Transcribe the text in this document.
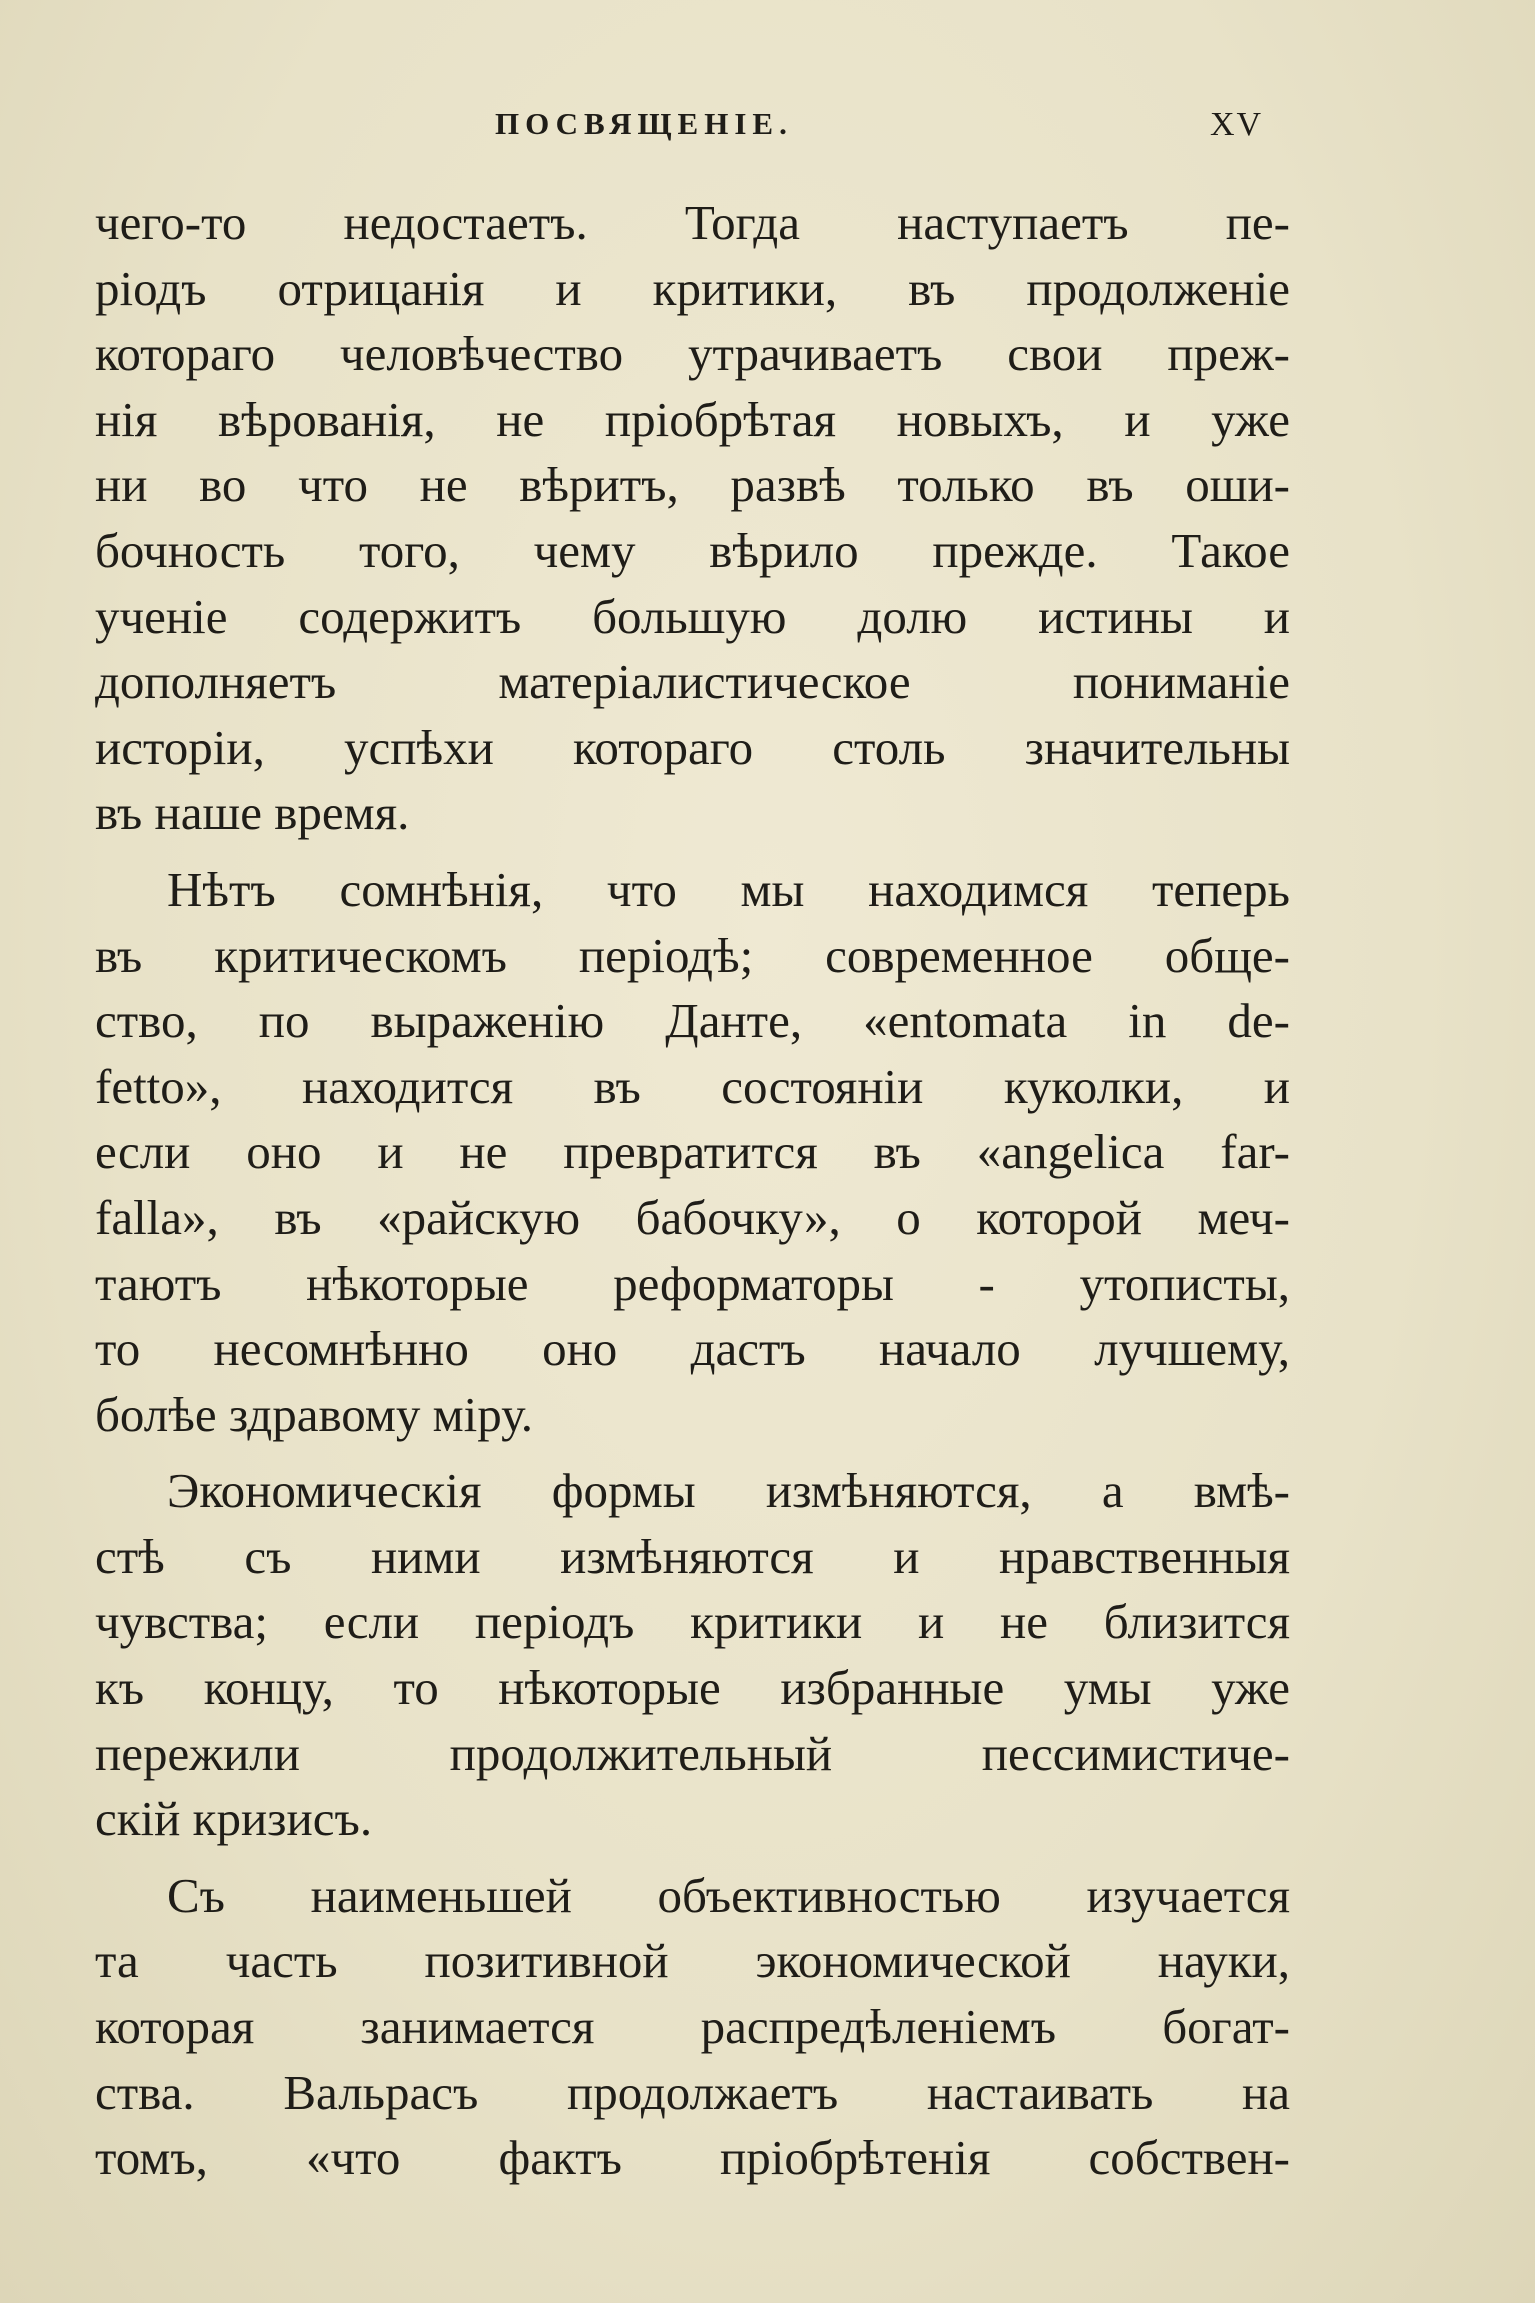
ПОСВЯЩЕНІЕ.	XV

чего-то недостаетъ. Тогда наступаетъ пе-
ріодъ отрицанія и критики, въ продолженіе
котораго человѣчество утрачиваетъ свои преж-
нія вѣрованія, не пріобрѣтая новыхъ, и уже
ни во что не вѣритъ, развѣ только въ оши-
бочность того, чему вѣрило прежде. Такое
ученіе содержитъ большую долю истины и
дополняетъ матеріалистическое пониманіе
исторіи, успѣхи котораго столь значительны
въ наше время.

Нѣтъ сомнѣнія, что мы находимся теперь
въ критическомъ періодѣ; современное обще-
ство, по выраженію Данте, «entomata in de-
fetto», находится въ состояніи куколки, и
если оно и не превратится въ «angelica far-
falla», въ «райскую бабочку», о которой меч-
таютъ нѣкоторые реформаторы - утописты,
то несомнѣнно оно дастъ начало лучшему,
болѣе здравому міру.

Экономическія формы измѣняются, а вмѣ-
стѣ съ ними измѣняются и нравственныя
чувства; если періодъ критики и не близится
къ концу, то нѣкоторые избранные умы уже
пережили продолжительный пессимистиче-
скій кризисъ.

Съ наименьшей объективностью изучается
та часть позитивной экономической науки,
которая занимается распредѣленіемъ богат-
ства. Вальрасъ продолжаетъ настаивать на
томъ, «что фактъ пріобрѣтенія собствен-
